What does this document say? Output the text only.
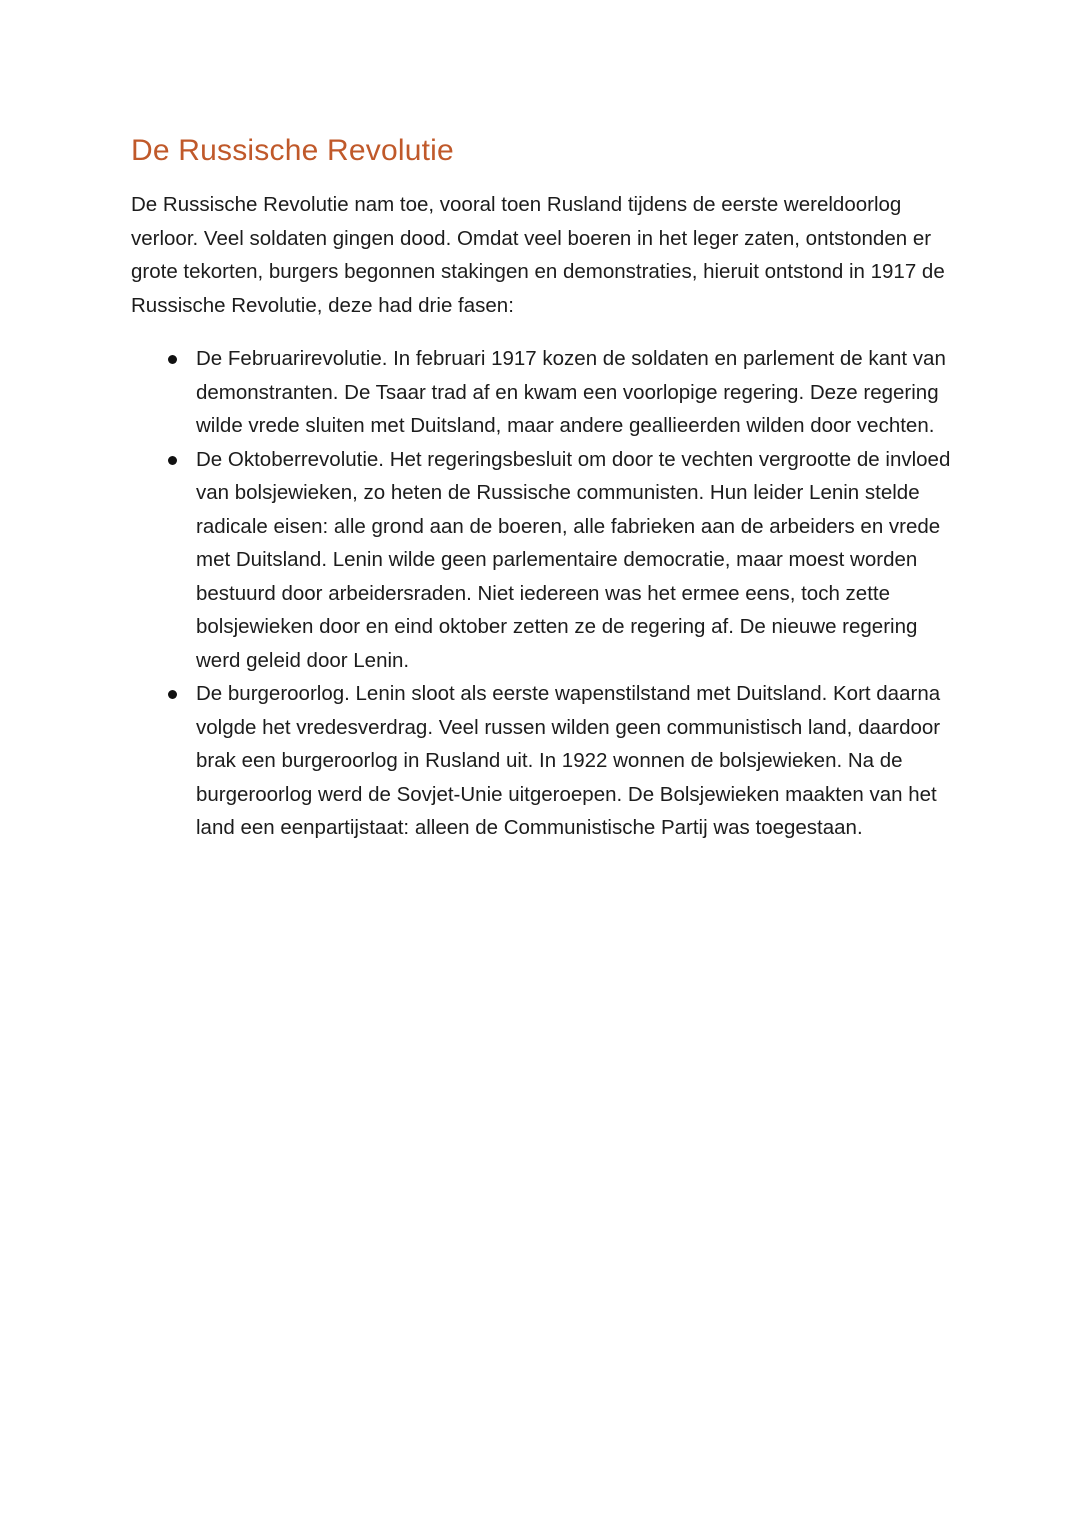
De Russische Revolutie

De Russische Revolutie nam toe, vooral toen Rusland tijdens de eerste wereldoorlog verloor. Veel soldaten gingen dood. Omdat veel boeren in het leger zaten, ontstonden er grote tekorten, burgers begonnen stakingen en demonstraties, hieruit ontstond in 1917 de Russische Revolutie, deze had drie fasen:

De Februarirevolutie. In februari 1917 kozen de soldaten en parlement de kant van demonstranten. De Tsaar trad af en kwam een voorlopige regering. Deze regering wilde vrede sluiten met Duitsland, maar andere geallieerden wilden door vechten.
De Oktoberrevolutie. Het regeringsbesluit om door te vechten vergrootte de invloed van bolsjewieken, zo heten de Russische communisten. Hun leider Lenin stelde radicale eisen: alle grond aan de boeren, alle fabrieken aan de arbeiders en vrede met Duitsland. Lenin wilde geen parlementaire democratie, maar moest worden bestuurd door arbeidersraden. Niet iedereen was het ermee eens, toch zette bolsjewieken door en eind oktober zetten ze de regering af. De nieuwe regering werd geleid door Lenin.
De burgeroorlog. Lenin sloot als eerste wapenstilstand met Duitsland. Kort daarna volgde het vredesverdrag. Veel russen wilden geen communistisch land, daardoor brak een burgeroorlog in Rusland uit. In 1922 wonnen de bolsjewieken. Na de burgeroorlog werd de Sovjet-Unie uitgeroepen. De Bolsjewieken maakten van het land een eenpartijstaat: alleen de Communistische Partij was toegestaan.
